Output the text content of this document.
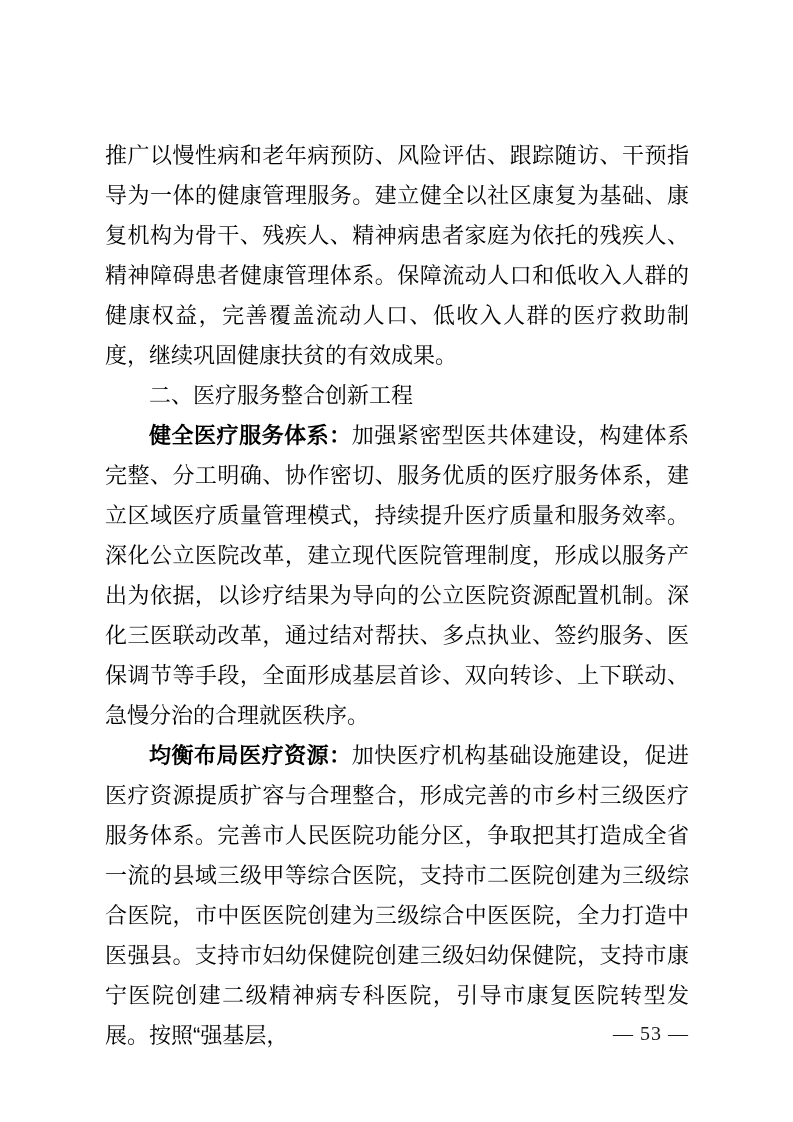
推广以慢性病和老年病预防、风险评估、跟踪随访、干预指导为一体的健康管理服务。建立健全以社区康复为基础、康复机构为骨干、残疾人、精神病患者家庭为依托的残疾人、精神障碍患者健康管理体系。保障流动人口和低收入人群的健康权益，完善覆盖流动人口、低收入人群的医疗救助制度，继续巩固健康扶贫的有效成果。

二、医疗服务整合创新工程

健全医疗服务体系：加强紧密型医共体建设，构建体系完整、分工明确、协作密切、服务优质的医疗服务体系，建立区域医疗质量管理模式，持续提升医疗质量和服务效率。深化公立医院改革，建立现代医院管理制度，形成以服务产出为依据，以诊疗结果为导向的公立医院资源配置机制。深化三医联动改革，通过结对帮扶、多点执业、签约服务、医保调节等手段，全面形成基层首诊、双向转诊、上下联动、急慢分治的合理就医秩序。

均衡布局医疗资源：加快医疗机构基础设施建设，促进医疗资源提质扩容与合理整合，形成完善的市乡村三级医疗服务体系。完善市人民医院功能分区，争取把其打造成全省一流的县域三级甲等综合医院，支持市二医院创建为三级综合医院，市中医医院创建为三级综合中医医院，全力打造中医强县。支持市妇幼保健院创建三级妇幼保健院，支持市康宁医院创建二级精神病专科医院，引导市康复医院转型发展。按照“强基层，	— 53 —
